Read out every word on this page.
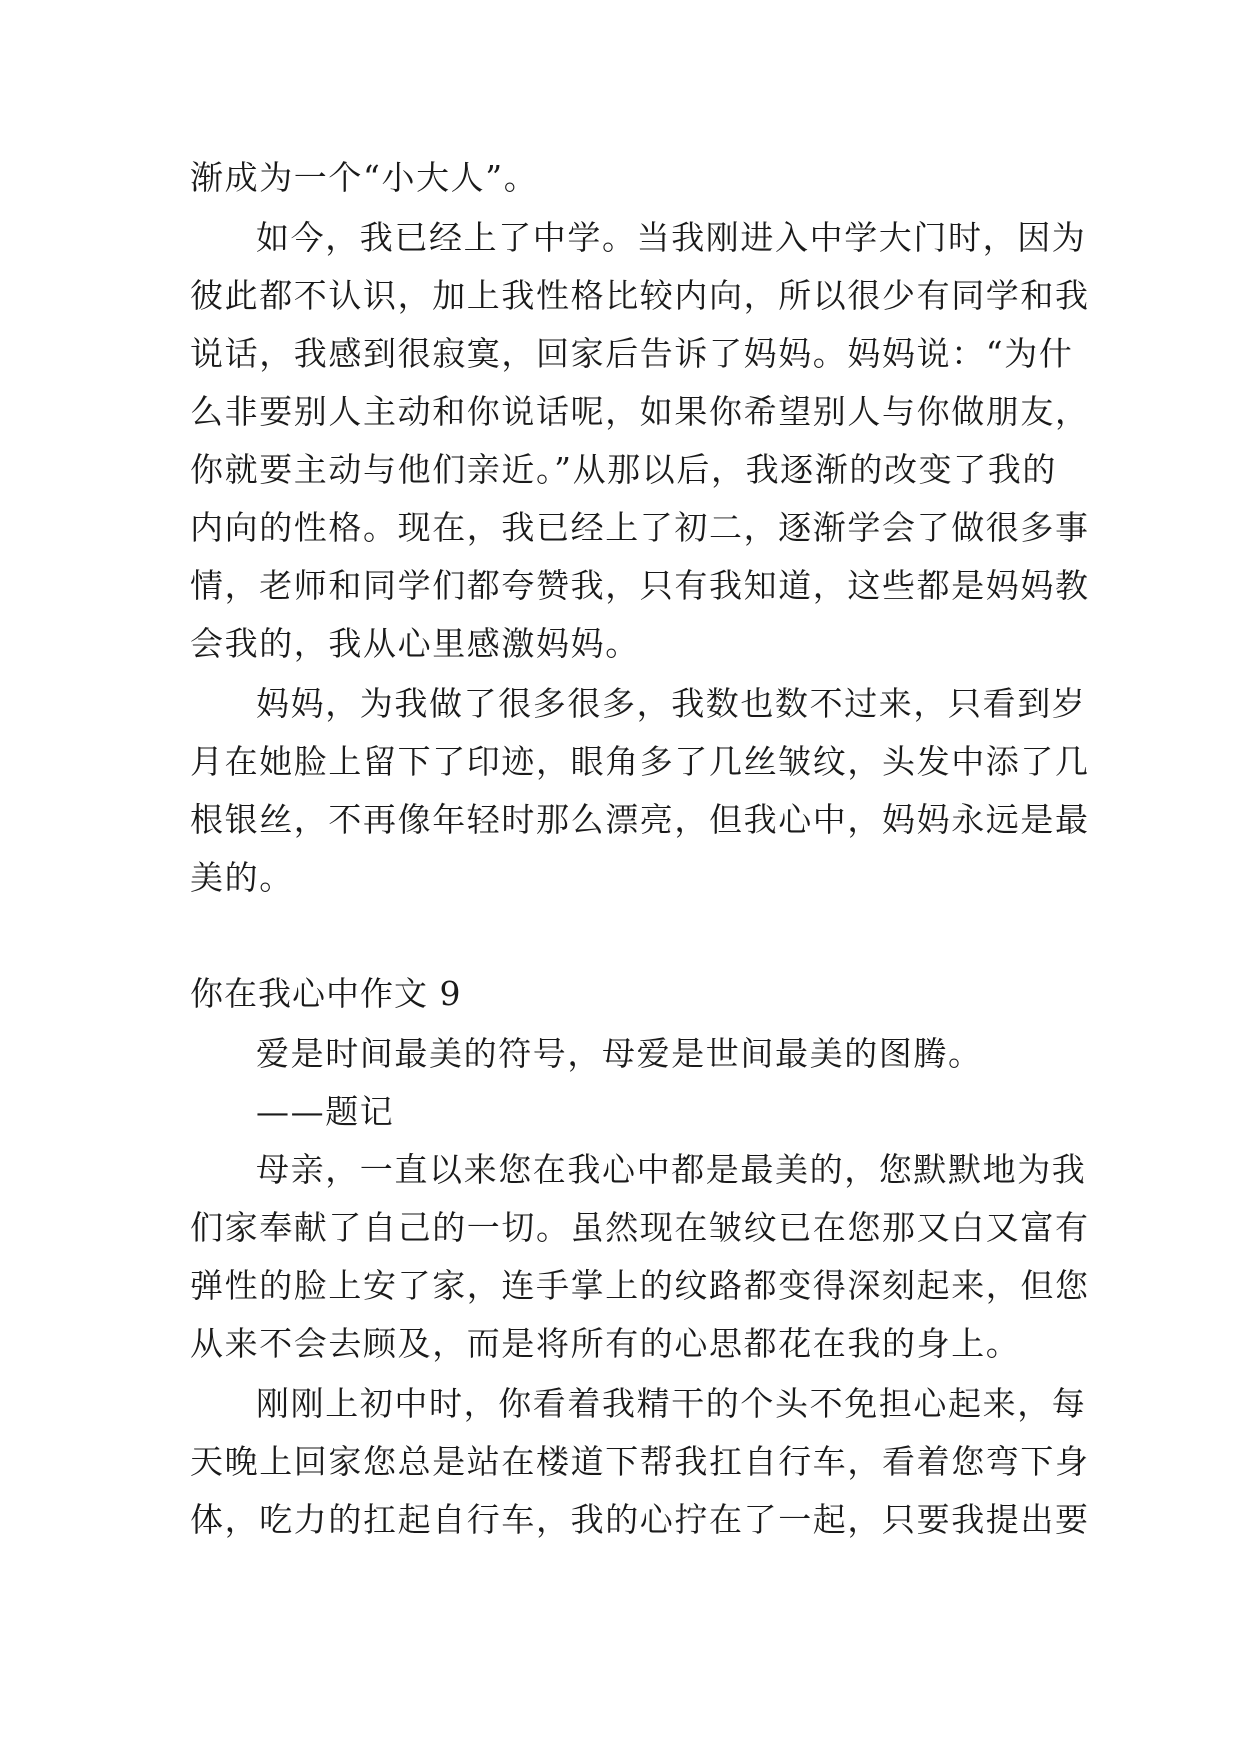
渐成为一个“小大人”。
如今，我已经上了中学。当我刚进入中学大门时，因为
彼此都不认识，加上我性格比较内向，所以很少有同学和我
说话，我感到很寂寞，回家后告诉了妈妈。妈妈说：“为什
么非要别人主动和你说话呢，如果你希望别人与你做朋友，
你就要主动与他们亲近。”从那以后，我逐渐的改变了我的
内向的性格。现在，我已经上了初二，逐渐学会了做很多事
情，老师和同学们都夸赞我，只有我知道，这些都是妈妈教
会我的，我从心里感激妈妈。
妈妈，为我做了很多很多，我数也数不过来，只看到岁
月在她脸上留下了印迹，眼角多了几丝皱纹，头发中添了几
根银丝，不再像年轻时那么漂亮，但我心中，妈妈永远是最
美的。
你在我心中作文 9
爱是时间最美的符号，母爱是世间最美的图腾。
——题记
母亲，一直以来您在我心中都是最美的，您默默地为我
们家奉献了自己的一切。虽然现在皱纹已在您那又白又富有
弹性的脸上安了家，连手掌上的纹路都变得深刻起来，但您
从来不会去顾及，而是将所有的心思都花在我的身上。
刚刚上初中时，你看着我精干的个头不免担心起来，每
天晚上回家您总是站在楼道下帮我扛自行车，看着您弯下身
体，吃力的扛起自行车，我的心拧在了一起，只要我提出要
